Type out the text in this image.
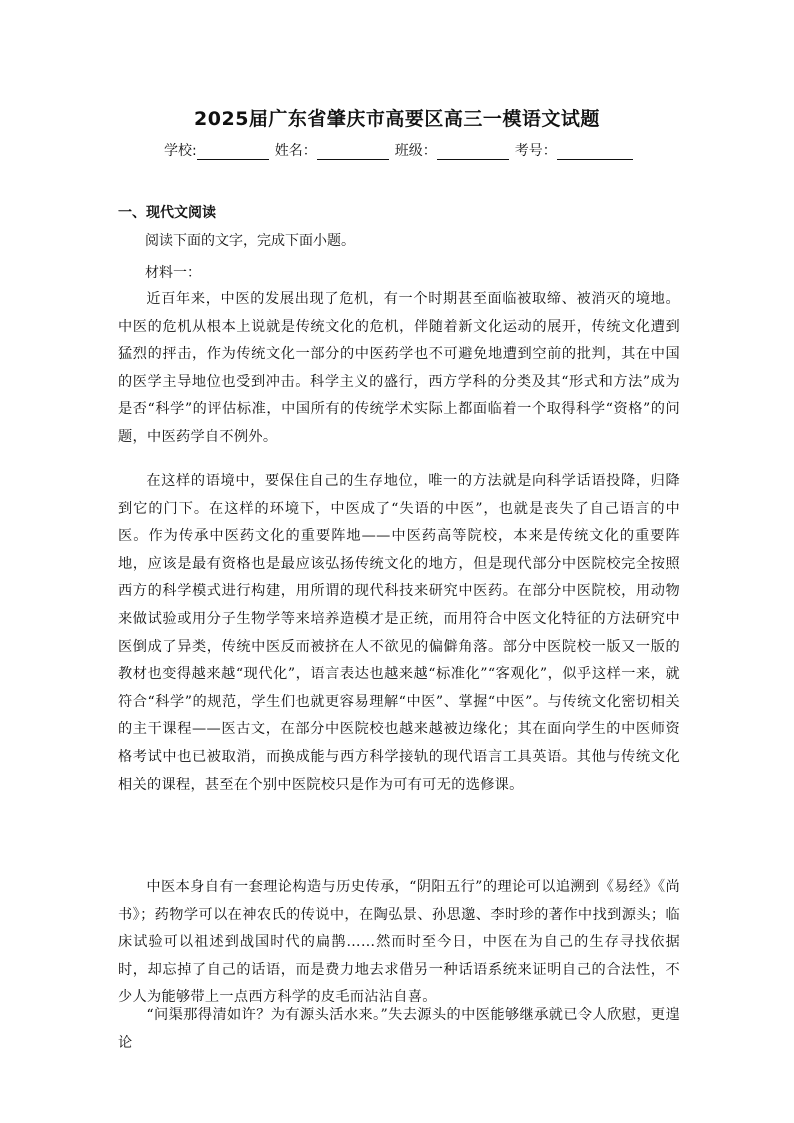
2025届广东省肇庆市高要区高三一模语文试题
学校:	姓名：	班级：	考号：
一、现代文阅读
阅读下面的文字，完成下面小题。
材料一：

近百年来，中医的发展出现了危机，有一个时期甚至面临被取缔、被消灭的境地。中医的危机从根本上说就是传统文化的危机，伴随着新文化运动的展开，传统文化遭到猛烈的抨击，作为传统文化一部分的中医药学也不可避免地遭到空前的批判，其在中国的医学主导地位也受到冲击。科学主义的盛行，西方学科的分类及其“形式和方法”成为是否“科学”的评估标准，中国所有的传统学术实际上都面临着一个取得科学“资格”的问题，中医药学自不例外。

在这样的语境中，要保住自己的生存地位，唯一的方法就是向科学话语投降，归降到它的门下。在这样的环境下，中医成了“失语的中医”，也就是丧失了自己语言的中医。作为传承中医药文化的重要阵地——中医药高等院校，本来是传统文化的重要阵地，应该是最有资格也是最应该弘扬传统文化的地方，但是现代部分中医院校完全按照西方的科学模式进行构建，用所谓的现代科技来研究中医药。在部分中医院校，用动物来做试验或用分子生物学等来培养造模才是正统，而用符合中医文化特征的方法研究中医倒成了异类，传统中医反而被挤在人不欲见的偏僻角落。部分中医院校一版又一版的教材也变得越来越“现代化”，语言表达也越来越“标准化”“客观化”，似乎这样一来，就符合“科学”的规范，学生们也就更容易理解“中医”、掌握“中医”。与传统文化密切相关的主干课程——医古文，在部分中医院校也越来越被边缘化；其在面向学生的中医师资格考试中也已被取消，而换成能与西方科学接轨的现代语言工具英语。其他与传统文化相关的课程，甚至在个别中医院校只是作为可有可无的选修课。

中医本身自有一套理论构造与历史传承，“阴阳五行”的理论可以追溯到《易经》《尚书》；药物学可以在神农氏的传说中，在陶弘景、孙思邈、李时珍的著作中找到源头；临床试验可以祖述到战国时代的扁鹊……然而时至今日，中医在为自己的生存寻找依据时，却忘掉了自己的话语，而是费力地去求借另一种话语系统来证明自己的合法性，不少人为能够带上一点西方科学的皮毛而沾沾自喜。

“问渠那得清如许？为有源头活水来。”失去源头的中医能够继承就已令人欣慰，更遑论
